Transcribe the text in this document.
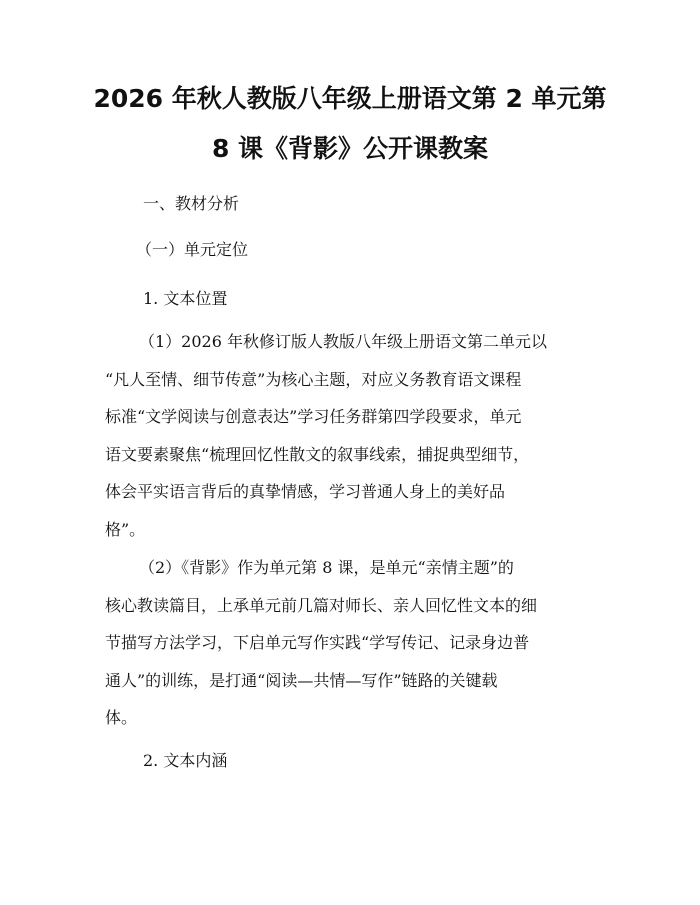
2026 年秋人教版八年级上册语文第 2 单元第
8 课《背影》公开课教案

一、教材分析

（一）单元定位

1. 文本位置

（1）2026 年秋修订版人教版八年级上册语文第二单元以
“凡人至情、细节传意”为核心主题，对应义务教育语文课程
标准“文学阅读与创意表达”学习任务群第四学段要求，单元
语文要素聚焦“梳理回忆性散文的叙事线索，捕捉典型细节，
体会平实语言背后的真挚情感，学习普通人身上的美好品
格”。
（2）《背影》作为单元第 8 课，是单元“亲情主题”的
核心教读篇目，上承单元前几篇对师长、亲人回忆性文本的细
节描写方法学习，下启单元写作实践“学写传记、记录身边普
通人”的训练，是打通“阅读—共情—写作”链路的关键载
体。

2. 文本内涵
